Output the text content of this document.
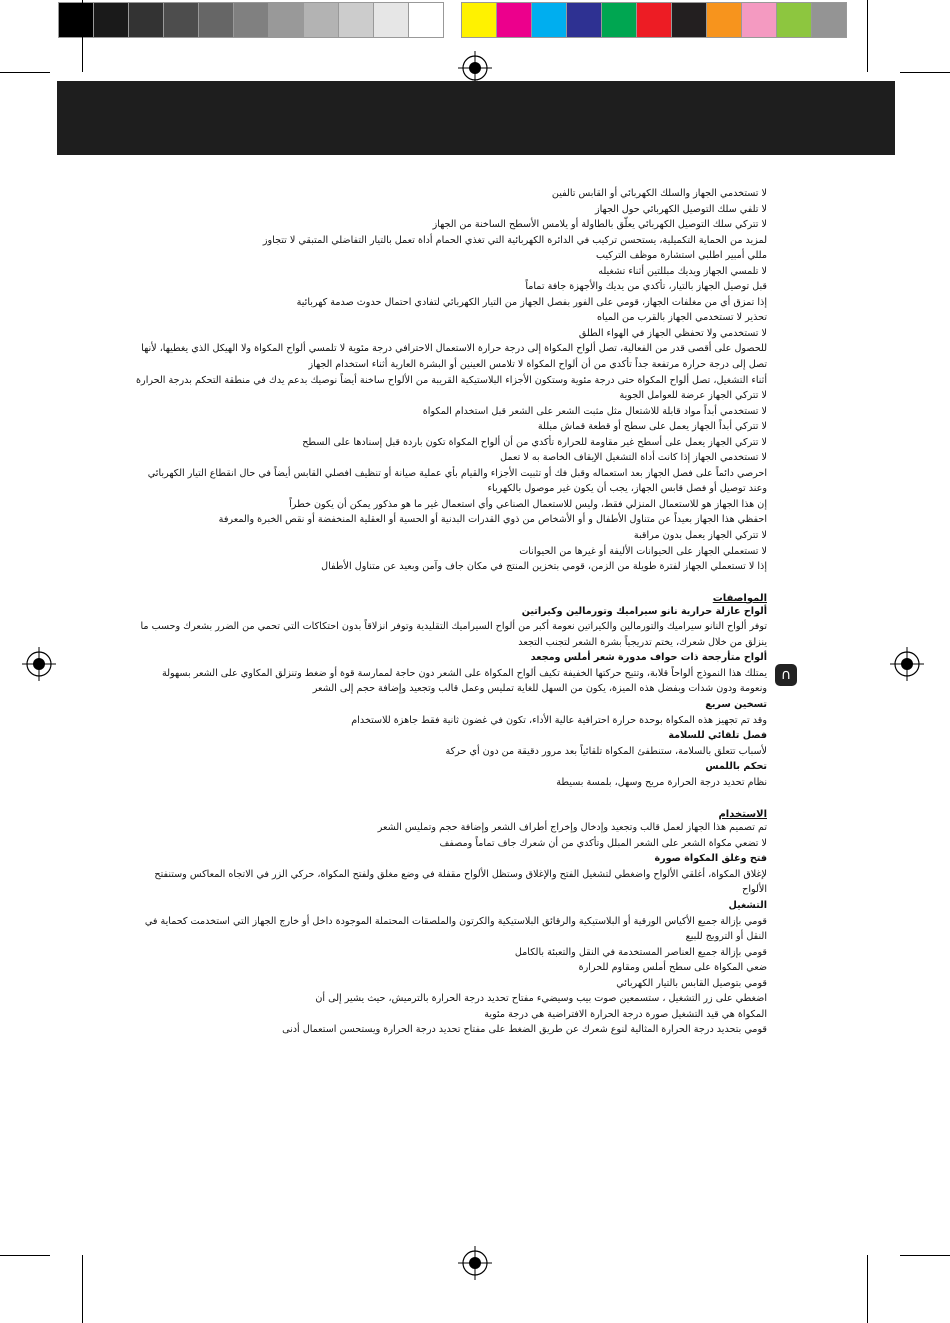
∩
لا تستخدمي الجهاز والسلك الكهربائي أو القابس تالفين
لا تلفي سلك التوصيل الكهربائي حول الجهاز
لا تتركي سلك التوصيل الكهربائي يعلّق بالطاولة أو يلامس الأسطح الساخنة من الجهاز
لمزيد من الحماية التكميلية، يستحسن تركيب في الدائرة الكهربائية التي تغذي الحمام أداة تعمل بالتيار التفاضلي المتبقي لا تتجاوز
مللي أمبير اطلبي استشارة موظف التركيب
لا تلمسي الجهاز ويديك مبللتين أثناء تشغيله
قبل توصيل الجهاز بالتيار، تأكدي من يديك والأجهزة جافة تماماً
إذا تمزق أي من مغلفات الجهاز، قومي على الفور بفصل الجهاز من التيار الكهربائي لتفادي احتمال حدوث صدمة كهربائية
تحذير لا تستخدمي الجهاز بالقرب من المياه
لا تستخدمي ولا تحفظي الجهاز في الهواء الطلق
للحصول على أقصى قدر من الفعالية، تصل ألواح المكواة إلى درجة حرارة الاستعمال الاحترافي درجة مئوية لا تلمسي ألواح المكواة ولا الهيكل الذي يغطيها، لأنها تصل إلى درجة حرارة مرتفعة جداً تأكدي من أن ألواح المكواة لا تلامس العينين أو البشرة العارية أثناء استخدام الجهاز
أثناء التشغيل، تصل ألواح المكواة حتى درجة مئوية وستكون الأجزاء البلاستيكية القريبة من الألواح ساخنة أيضاً نوصيك بدعم يدك في منطقة التحكم بدرجة الحرارة
لا تتركي الجهاز عرضة للعوامل الجوية
لا تستخدمي أبداً مواد قابلة للاشتعال مثل مثبت الشعر على الشعر قبل استخدام المكواة
لا تتركي أبداً الجهاز يعمل على سطح أو قطعة قماش مبللة
لا تتركي الجهاز يعمل على أسطح غير مقاومة للحرارة تأكدي من أن ألواح المكواة تكون باردة قبل إسنادها على السطح
لا تستخدمي الجهاز إذا كانت أداة التشغيل الإيقاف الخاصة به لا تعمل
احرصي دائماً على فصل الجهاز بعد استعماله وقبل فك أو تثبيت الأجزاء والقيام بأي عملية صيانة أو تنظيف افصلي القابس أيضاً في حال انقطاع التيار الكهربائي وعند توصيل أو فصل قابس الجهاز، يجب أن يكون غير موصول بالكهرباء
إن هذا الجهاز هو للاستعمال المنزلي فقط، وليس للاستعمال الصناعي وأي استعمال غير ما هو مذكور يمكن أن يكون خطراً
احفظي هذا الجهاز بعيداً عن متناول الأطفال و أو الأشخاص من ذوي القدرات البدنية أو الحسية أو العقلية المنخفضة أو نقص الخبرة والمعرفة
لا تتركي الجهاز يعمل بدون مراقبة
لا تستعملي الجهاز على الحيوانات الأليفة أو غيرها من الحيوانات
إذا لا تستعملي الجهاز لفترة طويلة من الزمن، قومي بتخزين المنتج في مكان جاف وآمن وبعيد عن متناول الأطفال
المواصفات
ألواح عازلة حرارية نانو سيراميك وتورمالين وكيراتين
توفر ألواح النانو سيراميك والتورمالين والكيراتين نعومة أكبر من ألواح السيراميك التقليدية وتوفر انزلاقاً بدون احتكاكات التي تحمي من الضرر بشعرك وحسب ما ينزلق من خلال شعرك، يختم تدريجياً بشرة الشعر لتجنب التجعد
ألواح متأرجحة ذات حواف مدورة شعر أملس ومجعد
يمتلك هذا النموذج ألواحاً قلابة، وتتيح حركتها الخفيفة تكيف ألواح المكواة على الشعر دون حاجة لممارسة قوة أو ضغط وتنزلق المكاوي على الشعر بسهولة ونعومة ودون شدات وبفضل هذه الميزة، يكون من السهل للغاية تمليس وعمل قالب وتجعيد وإضافة حجم إلى الشعر
تسخين سريع
وقد تم تجهيز هذه المكواة بوحدة حرارة احترافية عالية الأداء، تكون في غضون ثانية فقط جاهزة للاستخدام
فصل تلقائي للسلامة
لأسباب تتعلق بالسلامة، ستنطفئ المكواة تلقائياً بعد مرور دقيقة من دون أي حركة
تحكم باللمس
نظام تحديد درجة الحرارة مريح وسهل، بلمسة بسيطة
الاستخدام
تم تصميم هذا الجهاز لعمل قالب وتجعيد وإدخال وإخراج أطراف الشعر وإضافة حجم وتمليس الشعر
لا تضعي مكواة الشعر على الشعر المبلل وتأكدي من أن شعرك جاف تماماً ومصفف
فتح وغلق المكواة صورة
لإغلاق المكواة، أغلقي الألواح واضغطي لتشغيل الفتح والإغلاق وستظل الألواح مقفلة في وضع مغلق ولفتح المكواة، حركي الزر في الاتجاه المعاكس وستنفتح الألواح
التشغيل
قومي بإزالة جميع الأكياس الورقية أو البلاستيكية والرقائق البلاستيكية والكرتون والملصقات المحتملة الموجودة داخل أو خارج الجهاز التي استخدمت كحماية في النقل أو الترويج للبيع
قومي بإزالة جميع العناصر المستخدمة في النقل والتعبئة بالكامل
ضعي المكواة على سطح أملس ومقاوم للحرارة
قومي بتوصيل القابس بالتيار الكهربائي
اضغطي على زر التشغيل ، ستسمعين صوت بيب وسيضيء مفتاح تحديد درجة الحرارة بالترميش، حيث يشير إلى أن
المكواة هي قيد التشغيل صورة درجة الحرارة الافتراضية هي درجة مئوية
قومي بتحديد درجة الحرارة المثالية لنوع شعرك عن طريق الضغط على مفتاح تحديد درجة الحرارة ويستحسن استعمال أدنى
